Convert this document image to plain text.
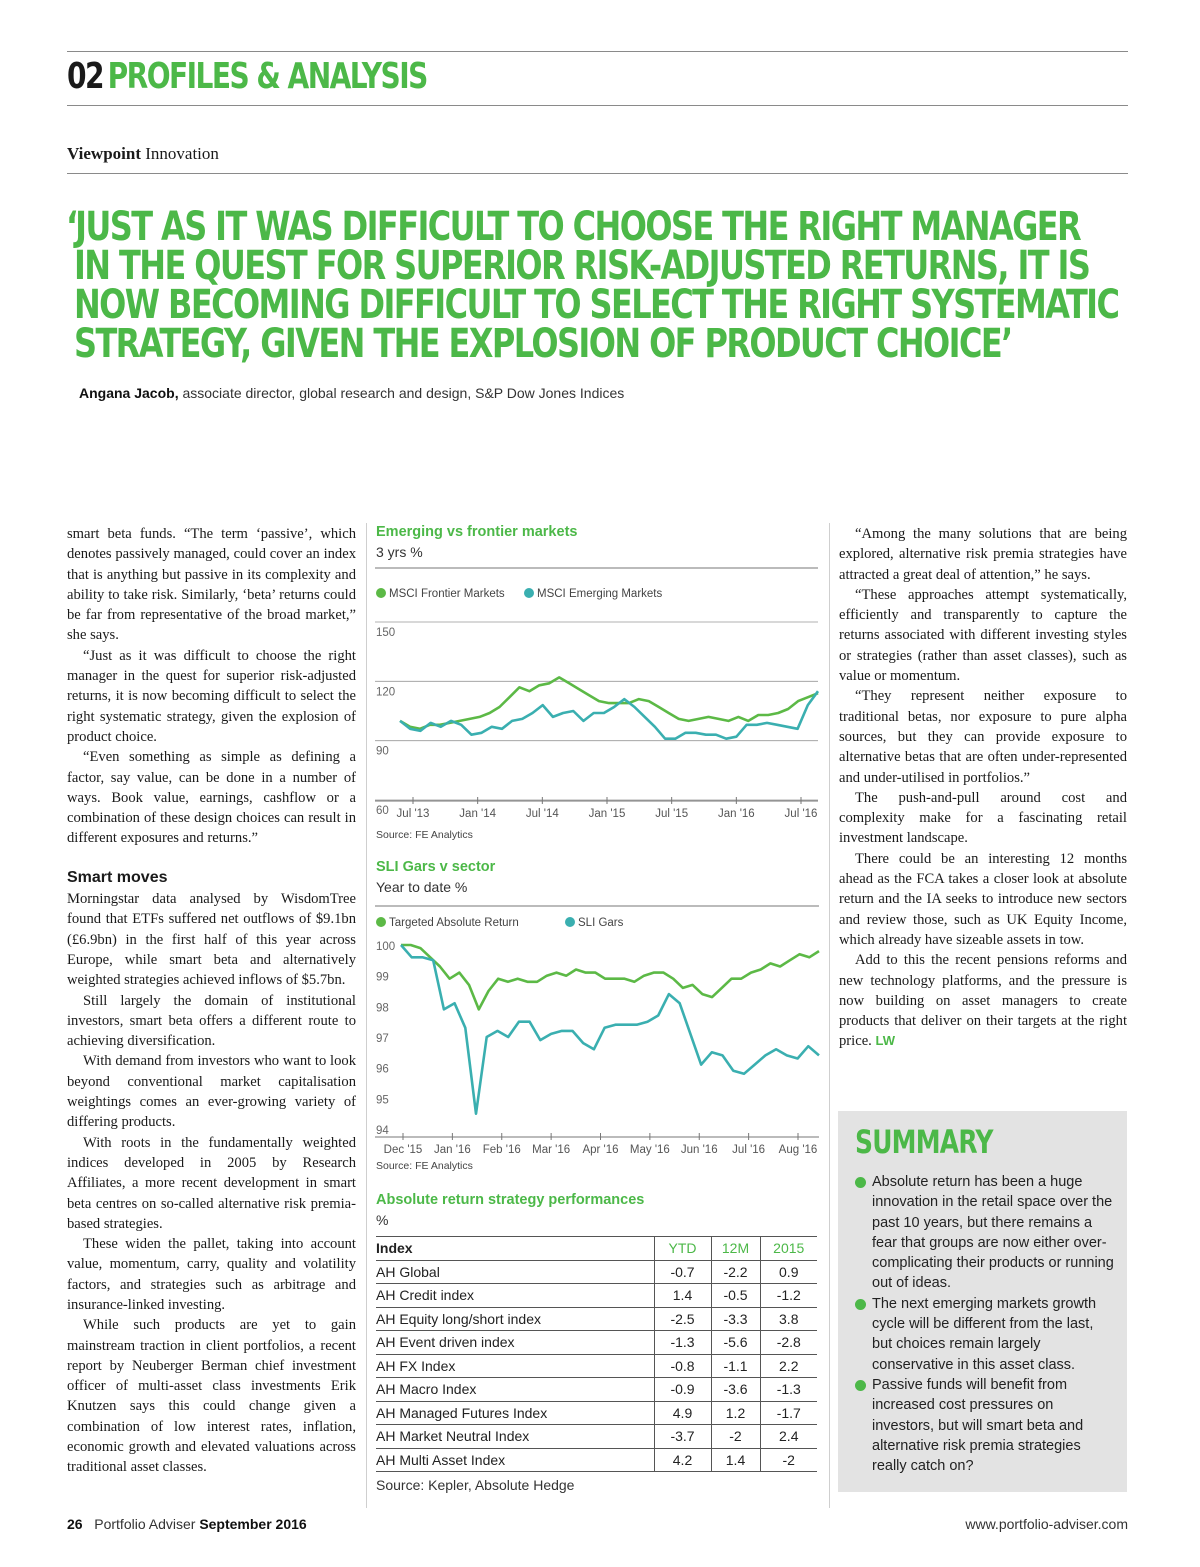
02 PROFILES & ANALYSIS
Viewpoint Innovation
‘JUST AS IT WAS DIFFICULT TO CHOOSE THE RIGHT MANAGER
IN THE QUEST FOR SUPERIOR RISK-ADJUSTED RETURNS, IT IS
NOW BECOMING DIFFICULT TO SELECT THE RIGHT SYSTEMATIC
STRATEGY, GIVEN THE EXPLOSION OF PRODUCT CHOICE’
Angana Jacob, associate director, global research and design, S&P Dow Jones Indices

smart beta funds. “The term ‘passive’, which denotes passively managed, could cover an index that is anything but passive in its complexity and ability to take risk. Similarly, ‘beta’ returns could be far from representative of the broad market,” she says.

“Just as it was difficult to choose the right manager in the quest for superior risk-adjusted returns, it is now becoming difficult to select the right systematic strategy, given the explosion of product choice.

“Even something as simple as defining a factor, say value, can be done in a number of ways. Book value, earnings, cashflow or a combination of these design choices can result in different exposures and returns.”

Smart moves

Morningstar data analysed by WisdomTree found that ETFs suffered net outflows of $9.1bn (£6.9bn) in the first half of this year across Europe, while smart beta and alternatively weighted strategies achieved inflows of $5.7bn.

Still largely the domain of institutional investors, smart beta offers a different route to achieving diversification.

With demand from investors who want to look beyond conventional market capitalisation weightings comes an ever-growing variety of differing products.

With roots in the fundamentally weighted indices developed in 2005 by Research Affiliates, a more recent development in smart beta centres on so-called alternative risk premia-based strategies.

These widen the pallet, taking into account value, momentum, carry, quality and volatility factors, and strategies such as arbitrage and insurance-linked investing.

While such products are yet to gain mainstream traction in client portfolios, a recent report by Neuberger Berman chief investment officer of multi-asset class investments Erik Knutzen says this could change given a combination of low interest rates, inflation, economic growth and elevated valuations across traditional asset classes.

Emerging vs frontier markets
3 yrs %
MSCI Frontier Markets	MSCI Emerging Markets
150
120
90
60 Jul '13	Jan '14	Jul '14	Jan '15	Jul '15	Jan '16	Jul '16
Source: FE Analytics
SLI Gars v sector
Year to date %
Targeted Absolute Return	SLI Gars
100
99
98
97
96
95
94
Dec '15 Jan '16 Feb '16 Mar '16 Apr '16 May '16 Jun '16 Jul '16 Aug '16
Source: FE Analytics
Absolute return strategy performances
%
Index	YTD	12M	2015
AH Global	-0.7	-2.2	0.9
AH Credit index	1.4	-0.5	-1.2
AH Equity long/short index	-2.5	-3.3	3.8
AH Event driven index	-1.3	-5.6	-2.8
AH FX Index	-0.8	-1.1	2.2
AH Macro Index	-0.9	-3.6	-1.3
AH Managed Futures Index	4.9	1.2	-1.7
AH Market Neutral Index	-3.7	-2	2.4
AH Multi Asset Index	4.2	1.4	-2
Source: Kepler, Absolute Hedge

“Among the many solutions that are being explored, alternative risk premia strategies have attracted a great deal of attention,” he says.

“These approaches attempt systematically, efficiently and transparently to capture the returns associated with different investing styles or strategies (rather than asset classes), such as value or momentum.

“They represent neither exposure to traditional betas, nor exposure to pure alpha sources, but they can provide exposure to alternative betas that are often under-represented and under-utilised in portfolios.”

The push-and-pull around cost and complexity make for a fascinating retail investment landscape.

There could be an interesting 12 months ahead as the FCA takes a closer look at absolute return and the IA seeks to introduce new sectors and review those, such as UK Equity Income, which already have sizeable assets in tow.

Add to this the recent pensions reforms and new technology platforms, and the pressure is now building on asset managers to create products that deliver on their targets at the right price. LW

SUMMARY
Absolute return has been a huge innovation in the retail space over the past 10 years, but there remains a fear that groups are now either over-complicating their products or running out of ideas.
The next emerging markets growth cycle will be different from the last, but choices remain largely conservative in this asset class.
Passive funds will benefit from increased cost pressures on investors, but will smart beta and alternative risk premia strategies really catch on?
26 Portfolio Adviser September 2016	www.portfolio-adviser.com
